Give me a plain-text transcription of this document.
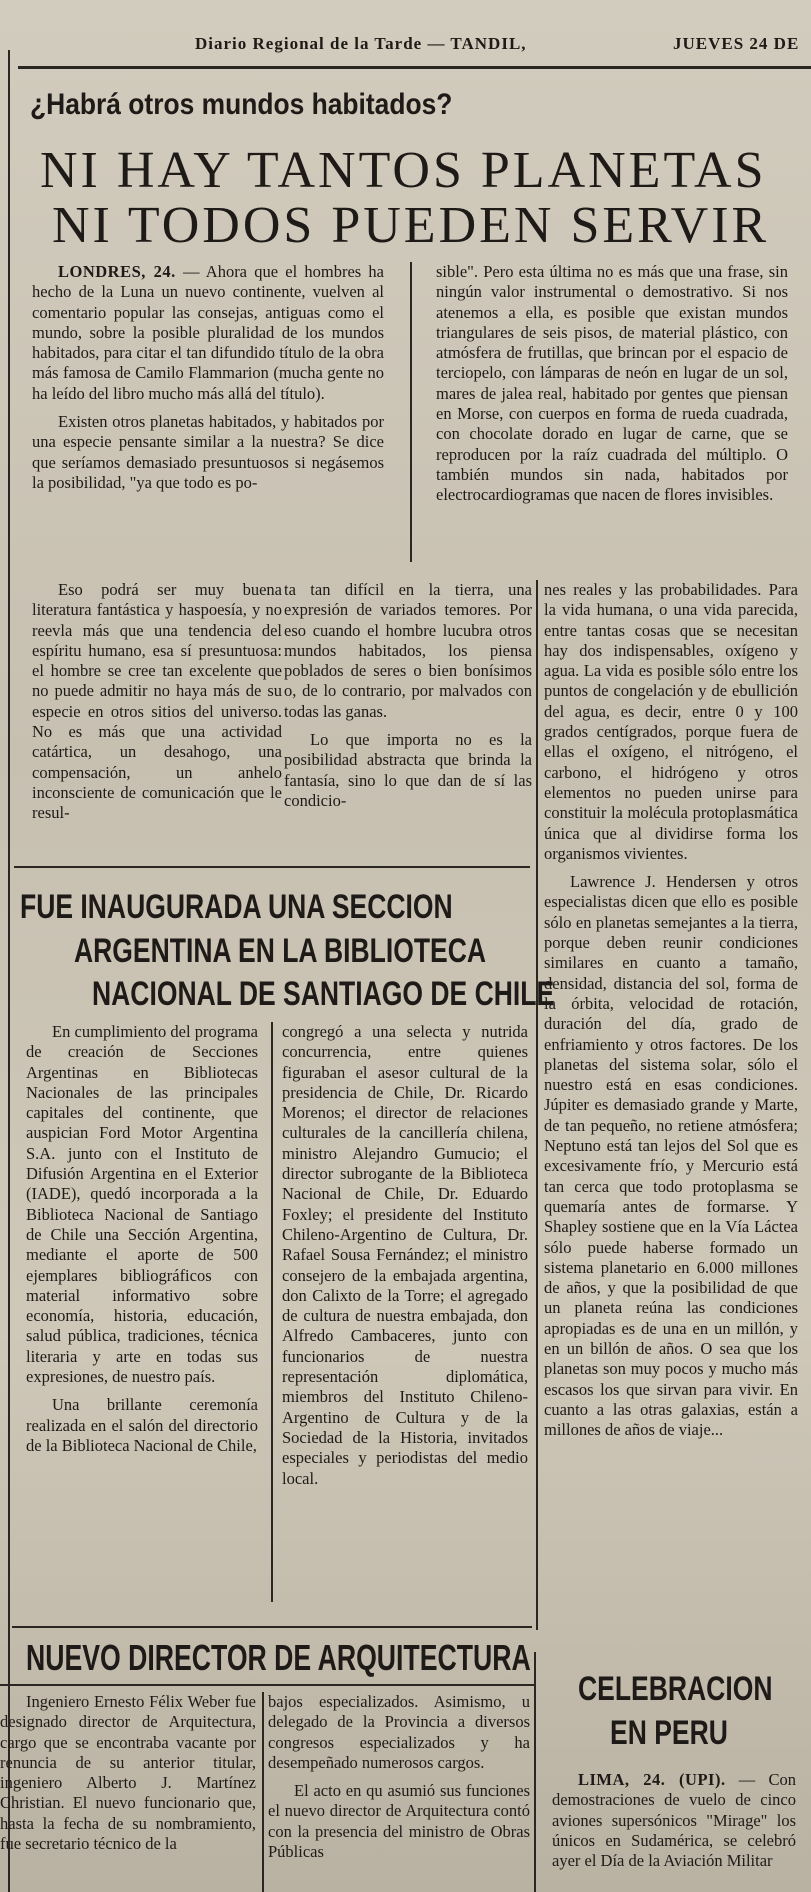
Diario Regional de la Tarde — TANDIL,	JUEVES 24 DE
¿Habrá otros mundos habitados?
NI HAY TANTOS PLANETAS
NI TODOS PUEDEN SERVIR

LONDRES, 24. — Ahora que el hombres ha hecho de la Luna un nuevo continente, vuelven al comentario popular las consejas, antiguas como el mundo, sobre la posible pluralidad de los mundos habitados, para citar el tan difundido título de la obra más famosa de Camilo Flammarion (mucha gente no ha leído del libro mucho más allá del título).

Existen otros planetas habitados, y habitados por una especie pensante similar a la nuestra? Se dice que seríamos demasiado presuntuosos si negásemos la posibilidad, "ya que todo es po-

sible". Pero esta última no es más que una frase, sin ningún valor instrumental o demostrativo. Si nos atenemos a ella, es posible que existan mundos triangulares de seis pisos, de material plástico, con atmósfera de frutillas, que brincan por el espacio de terciopelo, con lámparas de neón en lugar de un sol, mares de jalea real, habitado por gentes que piensan en Morse, con cuerpos en forma de rueda cuadrada, con chocolate dorado en lugar de carne, que se reproducen por la raíz cuadrada del múltiplo. O también mundos sin nada, habitados por electrocardiogramas que nacen de flores invisibles.

Eso podrá ser muy buena literatura fantástica y haspoesía, y no reevla más que una tendencia del espíritu humano, esa sí presuntuosa: el hombre se cree tan excelente que no puede admitir no haya más de su especie en otros sitios del universo. No es más que una actividad catártica, un desahogo, una compensación, un anhelo inconsciente de comunicación que le resul-

ta tan difícil en la tierra, una expresión de variados temores. Por eso cuando el hombre lucubra otros mundos habitados, los piensa poblados de seres o bien bonísimos o, de lo contrario, por malvados con todas las ganas.

Lo que importa no es la posibilidad abstracta que brinda la fantasía, sino lo que dan de sí las condicio-

nes reales y las probabilidades. Para la vida humana, o una vida parecida, entre tantas cosas que se necesitan hay dos indispensables, oxígeno y agua. La vida es posible sólo entre los puntos de congelación y de ebullición del agua, es decir, entre 0 y 100 grados centígrados, porque fuera de ellas el oxígeno, el nitrógeno, el carbono, el hidrógeno y otros elementos no pueden unirse para constituir la molécula protoplasmática única que al dividirse forma los organismos vivientes.

Lawrence J. Hendersen y otros especialistas dicen que ello es posible sólo en planetas semejantes a la tierra, porque deben reunir condiciones similares en cuanto a tamaño, densidad, distancia del sol, forma de la órbita, velocidad de rotación, duración del día, grado de enfriamiento y otros factores. De los planetas del sistema solar, sólo el nuestro está en esas condiciones. Júpiter es demasiado grande y Marte, de tan pequeño, no retiene atmósfera; Neptuno está tan lejos del Sol que es excesivamente frío, y Mercurio está tan cerca que todo protoplasma se quemaría antes de formarse. Y Shapley sostiene que en la Vía Láctea sólo puede haberse formado un sistema planetario en 6.000 millones de años, y que la posibilidad de que un planeta reúna las condiciones apropiadas es de una en un millón, y en un billón de años. O sea que los planetas son muy pocos y mucho más escasos los que sirvan para vivir. En cuanto a las otras galaxias, están a millones de años de viaje...

FUE INAUGURADA UNA SECCION
ARGENTINA EN LA BIBLIOTECA
NACIONAL DE SANTIAGO DE CHILE

En cumplimiento del programa de creación de Secciones Argentinas en Bibliotecas Nacionales de las principales capitales del continente, que auspician Ford Motor Argentina S.A. junto con el Instituto de Difusión Argentina en el Exterior (IADE), quedó incorporada a la Biblioteca Nacional de Santiago de Chile una Sección Argentina, mediante el aporte de 500 ejemplares bibliográficos con material informativo sobre economía, historia, educación, salud pública, tradiciones, técnica literaria y arte en todas sus expresiones, de nuestro país.

Una brillante ceremonía realizada en el salón del directorio de la Biblioteca Nacional de Chile,

congregó a una selecta y nutrida concurrencia, entre quienes figuraban el asesor cultural de la presidencia de Chile, Dr. Ricardo Morenos; el director de relaciones culturales de la cancillería chilena, ministro Alejandro Gumucio; el director subrogante de la Biblioteca Nacional de Chile, Dr. Eduardo Foxley; el presidente del Instituto Chileno-Argentino de Cultura, Dr. Rafael Sousa Fernández; el ministro consejero de la embajada argentina, don Calixto de la Torre; el agregado de cultura de nuestra embajada, don Alfredo Cambaceres, junto con funcionarios de nuestra representación diplomática, miembros del Instituto Chileno-Argentino de Cultura y de la Sociedad de la Historia, invitados especiales y periodistas del medio local.

NUEVO DIRECTOR DE ARQUITECTURA

Ingeniero Ernesto Félix Weber fue designado director de Arquitectura, cargo que se encontraba vacante por renuncia de su anterior titular, ingeniero Alberto J. Martínez Christian. El nuevo funcionario que, hasta la fecha de su nombramiento, fue secretario técnico de la

bajos especializados. Asimismo, u delegado de la Provincia a diversos congresos especializados y ha desempeñado numerosos cargos.

El acto en qu asumió sus funciones el nuevo director de Arquitectura contó con la presencia del ministro de Obras Públicas

CELEBRACION
EN PERU

LIMA, 24. (UPI). — Con demostraciones de vuelo de cinco aviones supersónicos "Mirage" los únicos en Sudamérica, se celebró ayer el Día de la Aviación Militar
